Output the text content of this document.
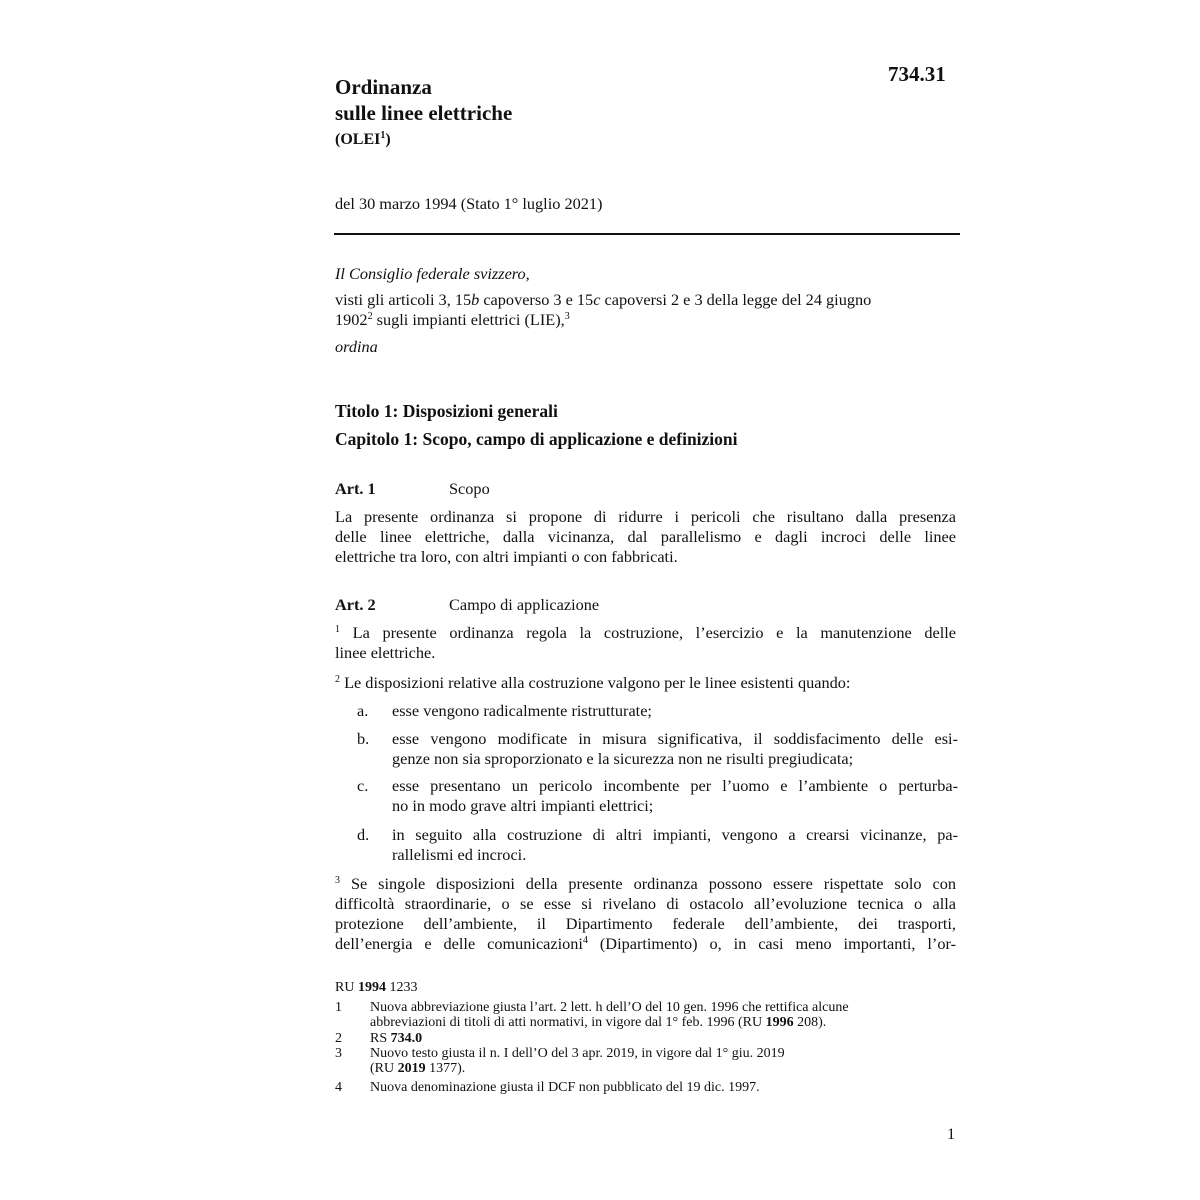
Ordinanza
sulle linee elettriche
(OLEI$^1$)
734.31
del 30 marzo 1994 (Stato 1° luglio 2021)
Il Consiglio federale svizzero,
visti gli articoli 3, 15b capoverso 3 e 15c capoversi 2 e 3 della legge del 24 giugno
1902$^2$ sugli impianti elettrici (LIE),$^3$
ordina
Titolo 1: Disposizioni generali
Capitolo 1: Scopo, campo di applicazione e definizioni
Art. 1	Scopo
La presente ordinanza si propone di ridurre i pericoli che risultano dalla presenza
delle linee elettriche, dalla vicinanza, dal parallelismo e dagli incroci delle linee
elettriche tra loro, con altri impianti o con fabbricati.
Art. 2	Campo di applicazione
$^1$ La presente ordinanza regola la costruzione, l’esercizio e la manutenzione delle
linee elettriche.
$^2$ Le disposizioni relative alla costruzione valgono per le linee esistenti quando:
a. esse vengono radicalmente ristrutturate;
b. esse vengono modificate in misura significativa, il soddisfacimento delle esi-
genze non sia sproporzionato e la sicurezza non ne risulti pregiudicata;
c. esse presentano un pericolo incombente per l’uomo e l’ambiente o perturba-
no in modo grave altri impianti elettrici;
d. in seguito alla costruzione di altri impianti, vengono a crearsi vicinanze, pa-
rallelismi ed incroci.
$^3$ Se singole disposizioni della presente ordinanza possono essere rispettate solo con
difficoltà straordinarie, o se esse si rivelano di ostacolo all’evoluzione tecnica o alla
protezione dell’ambiente, il Dipartimento federale dell’ambiente, dei trasporti,
dell’energia e delle comunicazioni$^4$ (Dipartimento) o, in casi meno importanti, l’or-
RU 1994 1233
1 Nuova abbreviazione giusta l’art. 2 lett. h dell’O del 10 gen. 1996 che rettifica alcune
abbreviazioni di titoli di atti normativi, in vigore dal 1° feb. 1996 (RU 1996 208).
2 RS 734.0
3 Nuovo testo giusta il n. I dell’O del 3 apr. 2019, in vigore dal 1° giu. 2019
(RU 2019 1377).
4 Nuova denominazione giusta il DCF non pubblicato del 19 dic. 1997.
1
